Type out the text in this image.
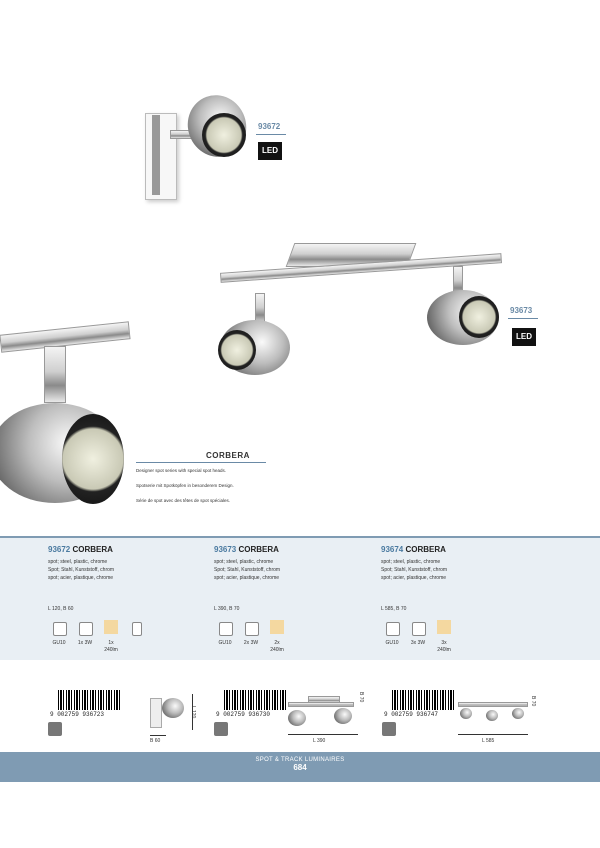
93672
LED
93673
LED
CORBERA
Designer spot series with special spot heads.
Spotserie mit Spotköpfen in besonderem Design.
Série de spot avec des têtes de spot spéciales.
93672 CORBERA
spot; steel, plastic, chrome
Spot; Stahl, Kunststoff, chrom
spot; acier, plastique, chrome
L 120, B 60
GU10	1x 3W	1x
240lm
93673 CORBERA
spot; steel, plastic, chrome
Spot; Stahl, Kunststoff, chrom
spot; acier, plastique, chrome
L 390, B 70
GU10	2x 3W	2x
240lm
93674 CORBERA
spot; steel, plastic, chrome
Spot; Stahl, Kunststoff, chrom
spot; acier, plastique, chrome
L 585, B 70
GU10	3x 3W	3x
240lm
9 002759 936723	L 120
B 60
9 002759 936730
B 70
L 390
9 002759 936747
B 70
L 585
SPOT & TRACK LUMINAIRES
684
